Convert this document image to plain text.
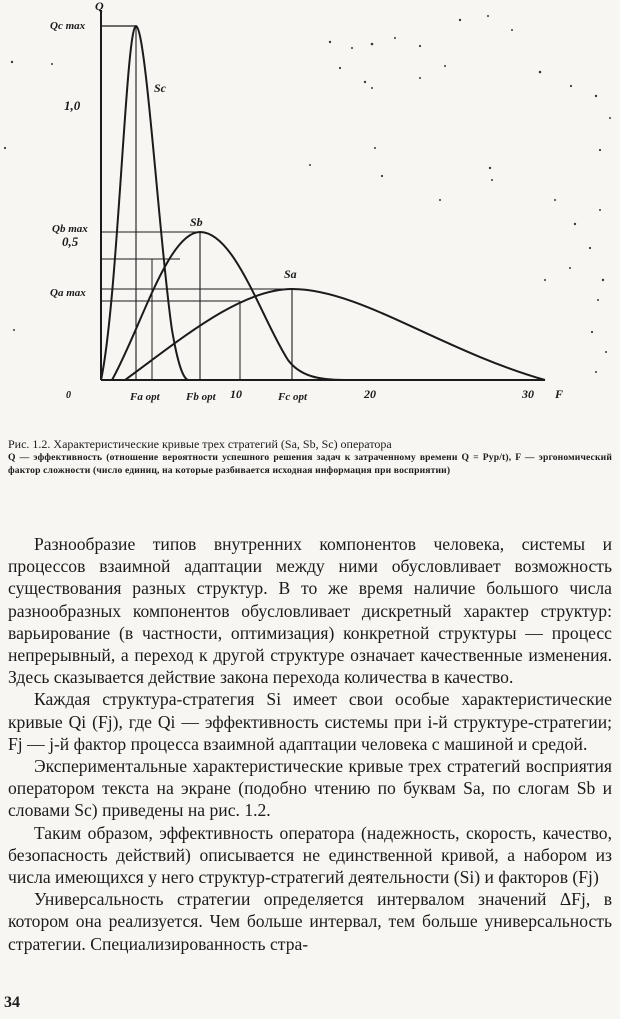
Q
Qc max
1,0
Qb max
0,5
Qa max
Sc
Sb
Sa
0	Fa opt Fb opt 10	Fc opt	20	30 F
Рис. 1.2. Характеристические кривые трех стратегий (Sa, Sb, Sc) оператора
Q — эффективность (отношение вероятности успешного решения задач к затраченному времени Q = Pур/t), F — эргономический фактор сложности (число единиц, на которые разбивается исходная информация при восприятии)

Разнообразие типов внутренних компонентов человека, системы и процессов взаимной адаптации между ними обусловливает возможность существования разных структур. В то же время наличие большого числа разнообразных компонентов обусловливает дискретный характер структур: варьирование (в частности, оптимизация) конкретной структуры — процесс непрерывный, а переход к другой структуре означает качественные изменения. Здесь сказывается действие закона перехода количества в качество.

Каждая структура-стратегия Si имеет свои особые характеристические кривые Qi (Fj), где Qi — эффективность системы при i-й структуре-стратегии; Fj — j-й фактор процесса взаимной адаптации человека с машиной и средой.

Экспериментальные характеристические кривые трех стратегий восприятия оператором текста на экране (подобно чтению по буквам Sa, по слогам Sb и словами Sc) приведены на рис. 1.2.

Таким образом, эффективность оператора (надежность, скорость, качество, безопасность действий) описывается не единственной кривой, а набором из числа имеющихся у него структур-стратегий деятельности (Si) и факторов (Fj)

Универсальность стратегии определяется интервалом значений ΔFj, в котором она реализуется. Чем больше интервал, тем больше универсальность стратегии. Специализированность стра-

34
